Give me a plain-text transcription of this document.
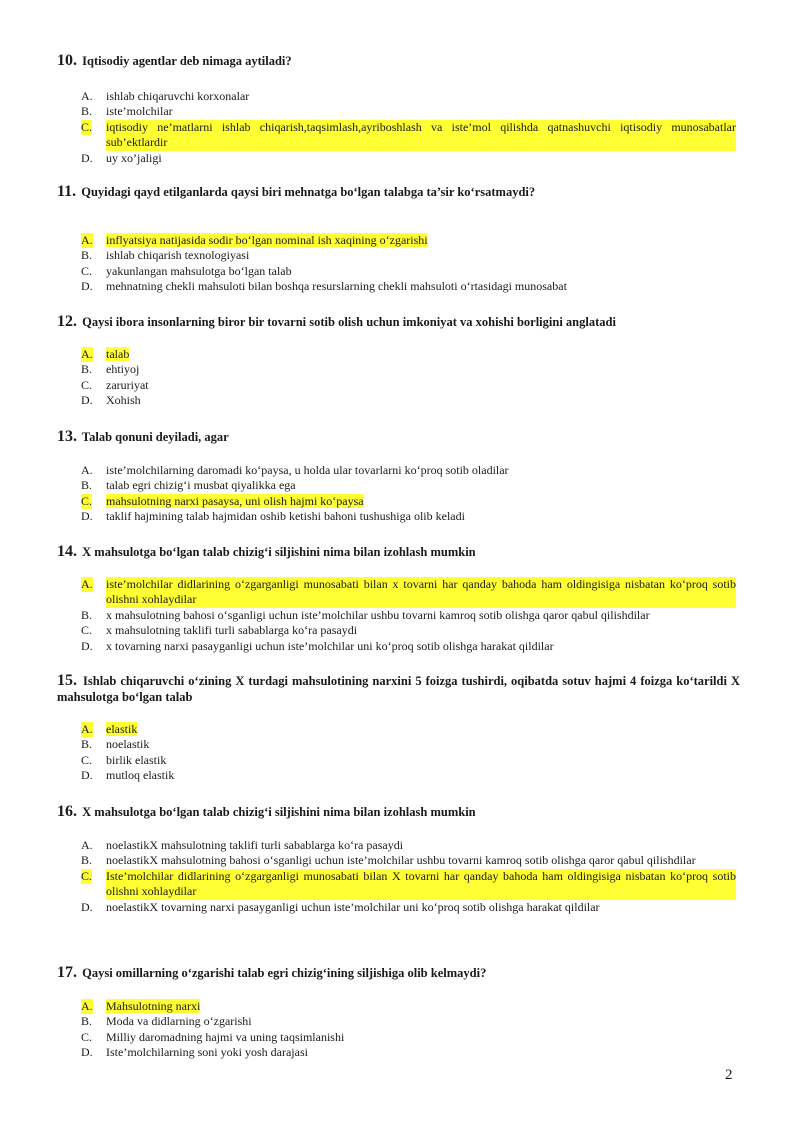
10. Iqtisodiy agentlar deb nimaga aytiladi?
A. ishlab chiqaruvchi korxonalar
B. iste’molchilar
C. iqtisodiy ne’matlarni ishlab chiqarish,taqsimlash,ayriboshlash va iste’mol qilishda qatnashuvchi iqtisodiy munosabatlar sub’ektlardir
D. uy xo’jaligi
11. Quyidagi qayd etilganlarda qaysi biri mehnatga bo‘lgan talabga ta’sir ko‘rsatmaydi?
A. inflyatsiya natijasida sodir bo‘lgan nominal ish xaqining o‘zgarishi
B. ishlab chiqarish texnologiyasi
C. yakunlangan mahsulotga bo‘lgan talab
D. mehnatning chekli mahsuloti bilan boshqa resurslarning chekli mahsuloti o‘rtasidagi munosabat
12. Qaysi ibora insonlarning biror bir tovarni sotib olish uchun imkoniyat va xohishi borligini anglatadi
A. talab
B. ehtiyoj
C. zaruriyat
D. Xohish
13. Talab qonuni deyiladi, agar
A. iste’molchilarning daromadi ko‘paysa, u holda ular tovarlarni ko‘proq sotib oladilar
B. talab egri chizig‘i musbat qiyalikka ega
C. mahsulotning narxi pasaysa, uni olish hajmi ko‘paysa
D. taklif hajmining talab hajmidan oshib ketishi bahoni tushushiga olib keladi
14. X mahsulotga bo‘lgan talab chizig‘i siljishini nima bilan izohlash mumkin
A. iste’molchilar didlarining o‘zgarganligi munosabati bilan x tovarni har qanday bahoda ham oldingisiga nisbatan ko‘proq sotib olishni xohlaydilar
B. x mahsulotning bahosi o‘sganligi uchun iste’molchilar ushbu tovarni kamroq sotib olishga qaror qabul qilishdilar
C. x mahsulotning taklifi turli sabablarga ko‘ra pasaydi
D. x tovarning narxi pasayganligi uchun iste’molchilar uni ko‘proq sotib olishga harakat qildilar
15. Ishlab chiqaruvchi o‘zining X turdagi mahsulotining narxini 5 foizga tushirdi, oqibatda sotuv hajmi 4 foizga ko‘tarildi X mahsulotga bo‘lgan talab
A. elastik
B. noelastik
C. birlik elastik
D. mutloq elastik
16. X mahsulotga bo‘lgan talab chizig‘i siljishini nima bilan izohlash mumkin
A. noelastikX mahsulotning taklifi turli sabablarga ko‘ra pasaydi
B. noelastikX mahsulotning bahosi o‘sganligi uchun iste’molchilar ushbu tovarni kamroq sotib olishga qaror qabul qilishdilar
C. Iste’molchilar didlarining o‘zgarganligi munosabati bilan X tovarni har qanday bahoda ham oldingisiga nisbatan ko‘proq sotib olishni xohlaydilar
D. noelastikX tovarning narxi pasayganligi uchun iste’molchilar uni ko‘proq sotib olishga harakat qildilar
17. Qaysi omillarning o‘zgarishi talab egri chizig‘ining siljishiga olib kelmaydi?
A. Mahsulotning narxi
B. Moda va didlarning o‘zgarishi
C. Milliy daromadning hajmi va uning taqsimlanishi
D. Iste’molchilarning soni yoki yosh darajasi
2
